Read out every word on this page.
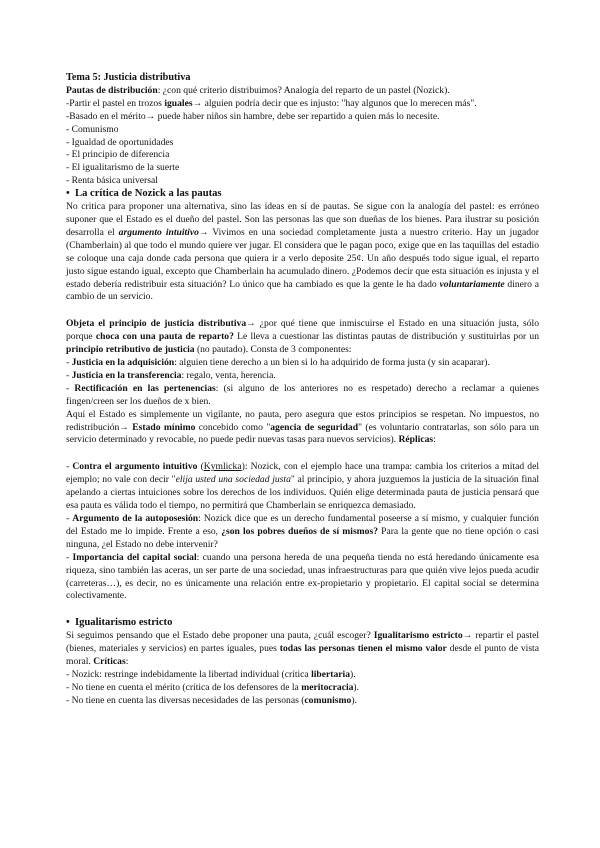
Tema 5: Justicia distributiva

Pautas de distribución: ¿con qué criterio distribuimos? Analogía del reparto de un pastel (Nozick).

-Partir el pastel en trozos iguales→ alguien podría decir que es injusto: "hay algunos que lo merecen más".

-Basado en el mérito→ puede haber niños sin hambre, debe ser repartido a quien más lo necesite.

- Comunismo

- Igualdad de oportunidades

- El principio de diferencia

- El igualitarismo de la suerte

- Renta básica universal

• La crítica de Nozick a las pautas

No critica para proponer una alternativa, sino las ideas en sí de pautas. Se sigue con la analogía del pastel: es erróneo suponer que el Estado es el dueño del pastel. Son las personas las que son dueñas de los bienes. Para ilustrar su posición desarrolla el argumento intuitivo→ Vivimos en una sociedad completamente justa a nuestro criterio. Hay un jugador (Chamberlain) al que todo el mundo quiere ver jugar. El considera que le pagan poco, exige que en las taquillas del estadio se coloque una caja donde cada persona que quiera ir a verlo deposite 25¢. Un año después todo sigue igual, el reparto justo sigue estando igual, excepto que Chamberlain ha acumulado dinero. ¿Podemos decir que esta situación es injusta y el estado debería redistribuir esta situación? Lo único que ha cambiado es que la gente le ha dado voluntariamente dinero a cambio de un servicio.

Objeta el principio de justicia distributiva→ ¿por qué tiene que inmiscuirse el Estado en una situación justa, sólo porque choca con una pauta de reparto? Le lleva a cuestionar las distintas pautas de distribución y sustituirlas por un principio retributivo de justicia (no pautado). Consta de 3 componentes:

- Justicia en la adquisición: alguien tiene derecho a un bien si lo ha adquirido de forma justa (y sin acaparar).

- Justicia en la transferencia: regalo, venta, herencia.

- Rectificación en las pertenencias: (si alguno de los anteriores no es respetado) derecho a reclamar a quienes fingen/creen ser los dueños de x bien.

Aquí el Estado es simplemente un vigilante, no pauta, pero asegura que estos principios se respetan. No impuestos, no redistribución→ Estado mínimo concebido como "agencia de seguridad" (es voluntario contratarlas, son sólo para un servicio determinado y revocable, no puede pedir nuevas tasas para nuevos servicios). Réplicas:

- Contra el argumento intuitivo (Kymlicka): Nozick, con el ejemplo hace una trampa: cambia los criterios a mitad del ejemplo; no vale con decir "elija usted una sociedad justa" al principio, y ahora juzguemos la justicia de la situación final apelando a ciertas intuiciones sobre los derechos de los individuos. Quién elige determinada pauta de justicia pensará que esa pauta es válida todo el tiempo, no permitirá que Chamberlain se enriquezca demasiado.

- Argumento de la autoposesión: Nozick dice que es un derecho fundamental poseerse a sí mismo, y cualquier función del Estado me lo impide. Frente a eso, ¿son los pobres dueños de sí mismos? Para la gente que no tiene opción o casi ninguna, ¿el Estado no debe intervenir?

- Importancia del capital social: cuando una persona hereda de una pequeña tienda no está heredando únicamente esa riqueza, sino también las aceras, un ser parte de una sociedad, unas infraestructuras para que quién vive lejos pueda acudir (carreteras…), es decir, no es únicamente una relación entre ex-propietario y propietario. El capital social se determina colectivamente.

• Igualitarismo estricto

Si seguimos pensando que el Estado debe proponer una pauta, ¿cuál escoger? Igualitarismo estricto→ repartir el pastel (bienes, materiales y servicios) en partes iguales, pues todas las personas tienen el mismo valor desde el punto de vista moral. Críticas:

- Nozick: restringe indebidamente la libertad individual (crítica libertaria).

- No tiene en cuenta el mérito (crítica de los defensores de la meritocracia).

- No tiene en cuenta las diversas necesidades de las personas (comunismo).
